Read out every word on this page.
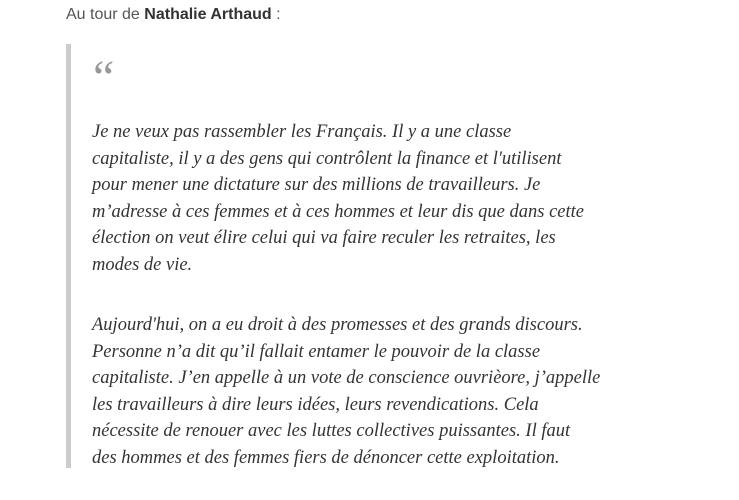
Au tour de Nathalie Arthaud :
“

Je ne veux pas rassembler les Français. Il y a une classe
capitaliste, il y a des gens qui contrôlent la finance et l'utilisent
pour mener une dictature sur des millions de travailleurs. Je
m’adresse à ces femmes et à ces hommes et leur dis que dans cette
élection on veut élire celui qui va faire reculer les retraites, les
modes de vie.

Aujourd'hui, on a eu droit à des promesses et des grands discours.
Personne n’a dit qu’il fallait entamer le pouvoir de la classe
capitaliste. J’en appelle à un vote de conscience ouvrièore, j’appelle
les travailleurs à dire leurs idées, leurs revendications. Cela
nécessite de renouer avec les luttes collectives puissantes. Il faut
des hommes et des femmes fiers de dénoncer cette exploitation.
